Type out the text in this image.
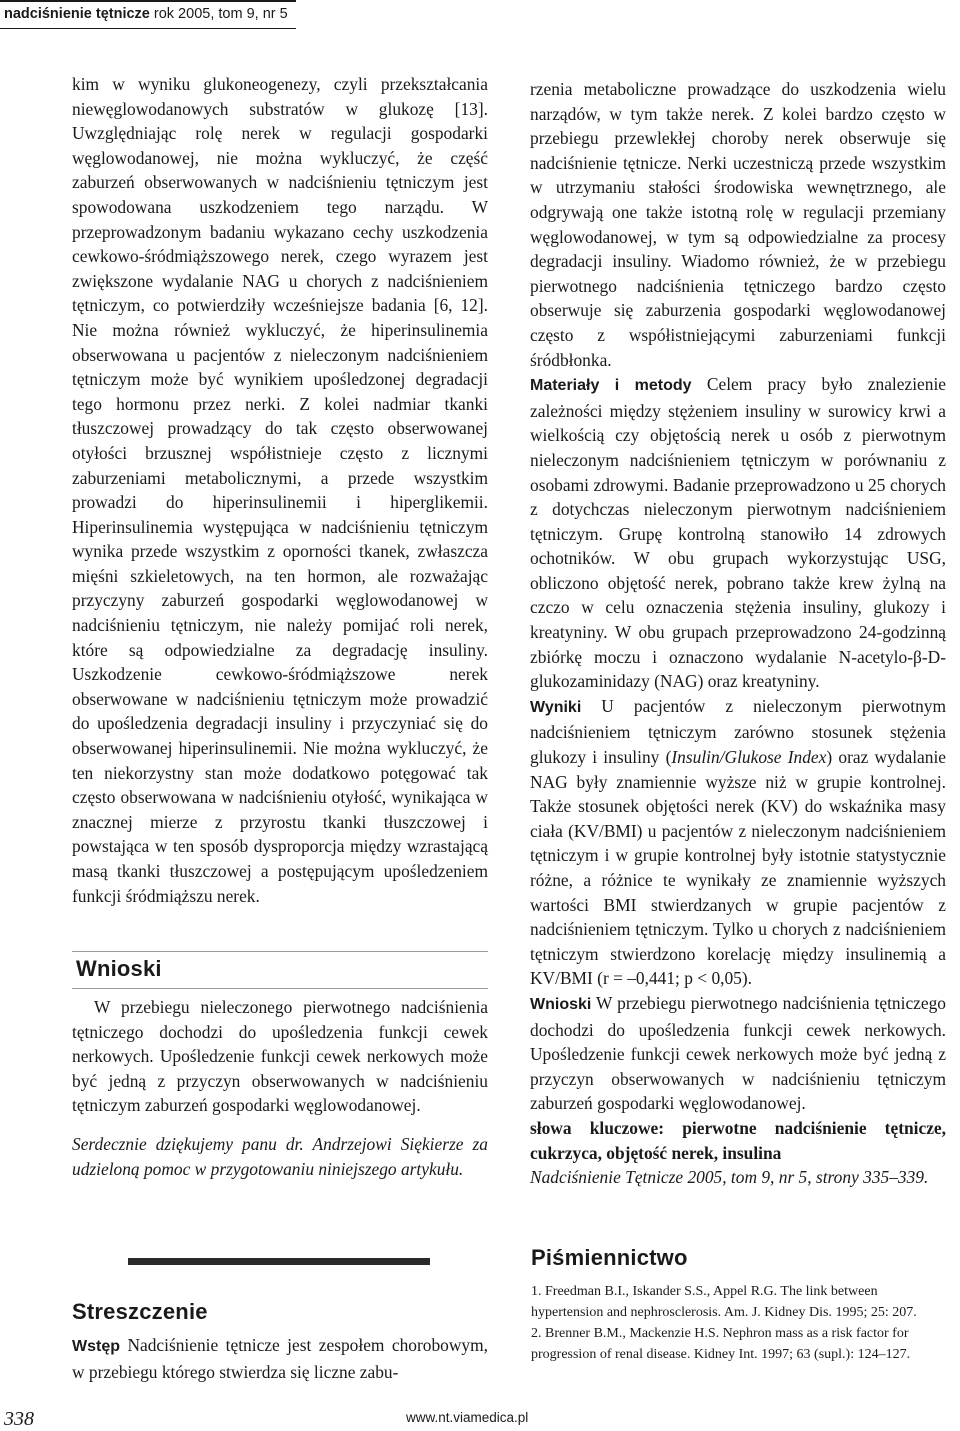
nadciśnienie tętnicze rok 2005, tom 9, nr 5

kim w wyniku glukoneogenezy, czyli przekształcania niewęglowodanowych substratów w glukozę [13]. Uwzględniając rolę nerek w regulacji gospodarki węglowodanowej, nie można wykluczyć, że część zaburzeń obserwowanych w nadciśnieniu tętniczym jest spowodowana uszkodzeniem tego narządu. W przeprowadzonym badaniu wykazano cechy uszkodzenia cewkowo-śródmiąższowego nerek, czego wyrazem jest zwiększone wydalanie NAG u chorych z nadciśnieniem tętniczym, co potwierdziły wcześniejsze badania [6, 12]. Nie można również wykluczyć, że hiperinsulinemia obserwowana u pacjentów z nieleczonym nadciśnieniem tętniczym może być wynikiem upośledzonej degradacji tego hormonu przez nerki. Z kolei nadmiar tkanki tłuszczowej prowadzący do tak często obserwowanej otyłości brzusznej współistnieje często z licznymi zaburzeniami metabolicznymi, a przede wszystkim prowadzi do hiperinsulinemii i hiperglikemii. Hiperinsulinemia występująca w nadciśnieniu tętniczym wynika przede wszystkim z oporności tkanek, zwłaszcza mięśni szkieletowych, na ten hormon, ale rozważając przyczyny zaburzeń gospodarki węglowodanowej w nadciśnieniu tętniczym, nie należy pomijać roli nerek, które są odpowiedzialne za degradację insuliny. Uszkodzenie cewkowo-śródmiąższowe nerek obserwowane w nadciśnieniu tętniczym może prowadzić do upośledzenia degradacji insuliny i przyczyniać się do obserwowanej hiperinsulinemii. Nie można wykluczyć, że ten niekorzystny stan może dodatkowo potęgować tak często obserwowana w nadciśnieniu otyłość, wynikająca w znacznej mierze z przyrostu tkanki tłuszczowej i powstająca w ten sposób dysproporcja między wzrastającą masą tkanki tłuszczowej a postępującym upośledzeniem funkcji śródmiąższu nerek.

Wnioski

W przebiegu nieleczonego pierwotnego nadciśnienia tętniczego dochodzi do upośledzenia funkcji cewek nerkowych. Upośledzenie funkcji cewek nerkowych może być jedną z przyczyn obserwowanych w nadciśnieniu tętniczym zaburzeń gospodarki węglowodanowej.

Serdecznie dziękujemy panu dr. Andrzejowi Siękierze za udzieloną pomoc w przygotowaniu niniejszego artykułu.

Streszczenie

Wstęp Nadciśnienie tętnicze jest zespołem chorobowym, w przebiegu którego stwierdza się liczne zabu-

rzenia metaboliczne prowadzące do uszkodzenia wielu narządów, w tym także nerek. Z kolei bardzo często w przebiegu przewlekłej choroby nerek obserwuje się nadciśnienie tętnicze. Nerki uczestniczą przede wszystkim w utrzymaniu stałości środowiska wewnętrznego, ale odgrywają one także istotną rolę w regulacji przemiany węglowodanowej, w tym są odpowiedzialne za procesy degradacji insuliny. Wiadomo również, że w przebiegu pierwotnego nadciśnienia tętniczego bardzo często obserwuje się zaburzenia gospodarki węglowodanowej często z współistniejącymi zaburzeniami funkcji śródbłonka.

Materiały i metody Celem pracy było znalezienie zależności między stężeniem insuliny w surowicy krwi a wielkością czy objętością nerek u osób z pierwotnym nieleczonym nadciśnieniem tętniczym w porównaniu z osobami zdrowymi. Badanie przeprowadzono u 25 chorych z dotychczas nieleczonym pierwotnym nadciśnieniem tętniczym. Grupę kontrolną stanowiło 14 zdrowych ochotników. W obu grupach wykorzystując USG, obliczono objętość nerek, pobrano także krew żylną na czczo w celu oznaczenia stężenia insuliny, glukozy i kreatyniny. W obu grupach przeprowadzono 24-godzinną zbiórkę moczu i oznaczono wydalanie N-acetylo-β-D-glukozaminidazy (NAG) oraz kreatyniny.

Wyniki U pacjentów z nieleczonym pierwotnym nadciśnieniem tętniczym zarówno stosunek stężenia glukozy i insuliny (Insulin/Glukose Index) oraz wydalanie NAG były znamiennie wyższe niż w grupie kontrolnej. Także stosunek objętości nerek (KV) do wskaźnika masy ciała (KV/BMI) u pacjentów z nieleczonym nadciśnieniem tętniczym i w grupie kontrolnej były istotnie statystycznie różne, a różnice te wynikały ze znamiennie wyższych wartości BMI stwierdzanych w grupie pacjentów z nadciśnieniem tętniczym. Tylko u chorych z nadciśnieniem tętniczym stwierdzono korelację między insulinemią a KV/BMI (r = –0,441; p < 0,05).

Wnioski W przebiegu pierwotnego nadciśnienia tętniczego dochodzi do upośledzenia funkcji cewek nerkowych. Upośledzenie funkcji cewek nerkowych może być jedną z przyczyn obserwowanych w nadciśnieniu tętniczym zaburzeń gospodarki węglowodanowej.

słowa kluczowe: pierwotne nadciśnienie tętnicze, cukrzyca, objętość nerek, insulina

Nadciśnienie Tętnicze 2005, tom 9, nr 5, strony 335–339.

Piśmiennictwo
1. Freedman B.I., Iskander S.S., Appel R.G. The link between hypertension and nephrosclerosis. Am. J. Kidney Dis. 1995; 25: 207.
2. Brenner B.M., Mackenzie H.S. Nephron mass as a risk factor for progression of renal disease. Kidney Int. 1997; 63 (supl.): 124–127.
338	www.nt.viamedica.pl
